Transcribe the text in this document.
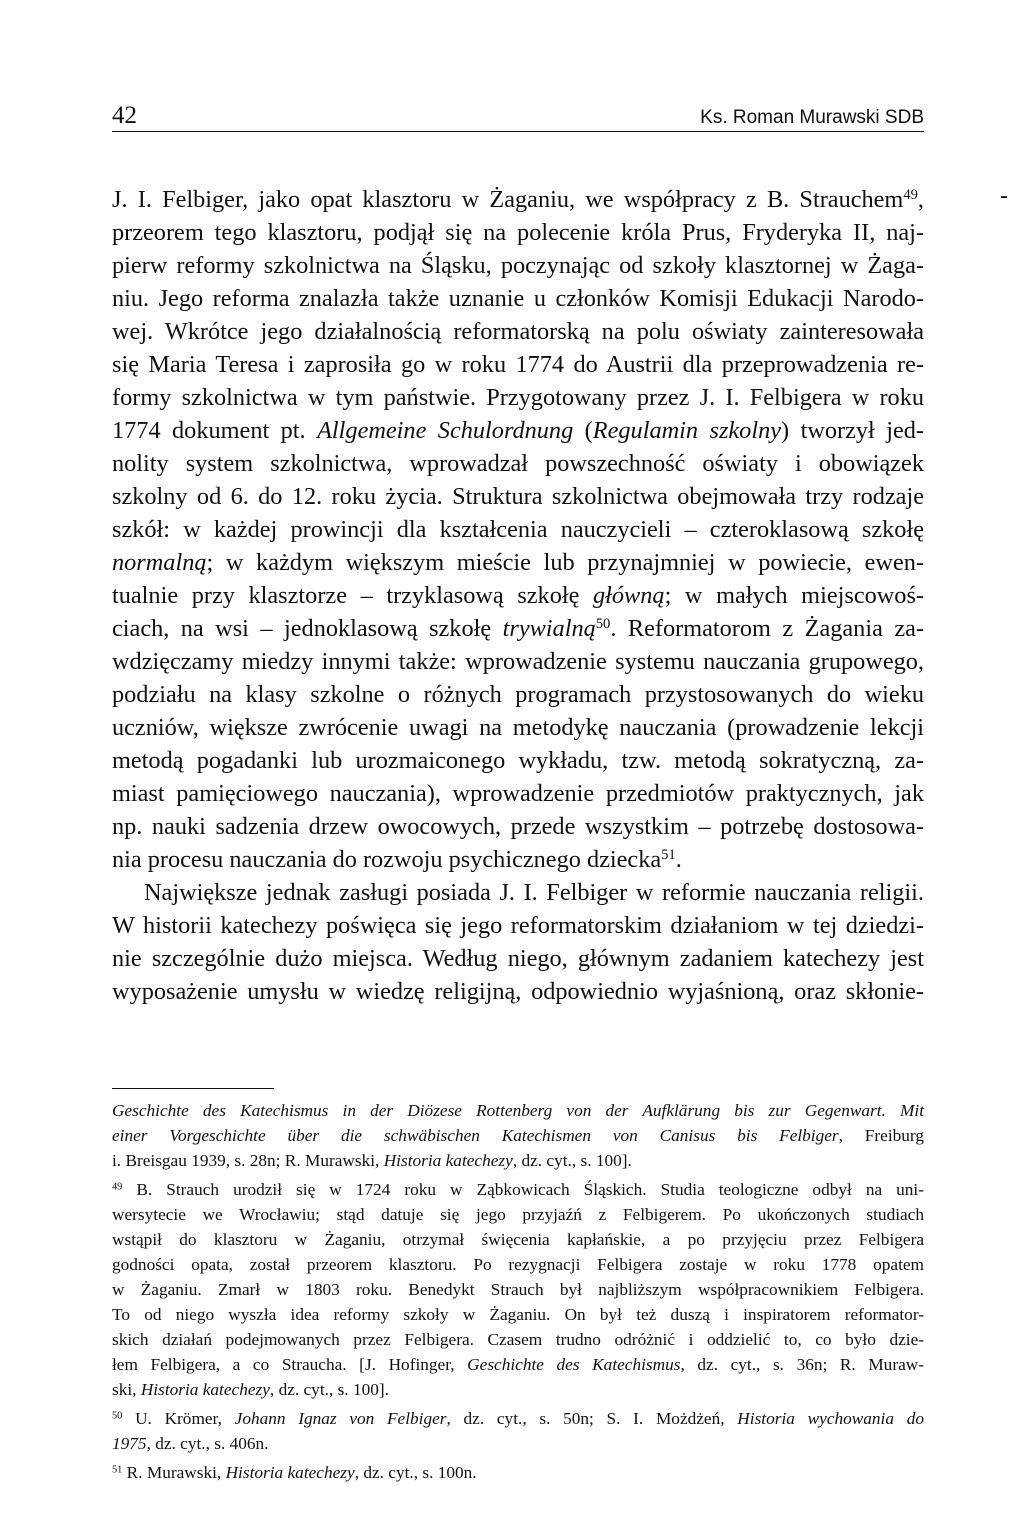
-
42	Ks. Roman Murawski SDB

J. I. Felbiger, jako opat klasztoru w Żaganiu, we współpracy z B. Strauchem$^{49}$,
przeorem tego klasztoru, podjął się na polecenie króla Prus, Fryderyka II, naj-
pierw reformy szkolnictwa na Śląsku, poczynając od szkoły klasztornej w Żaga-
niu. Jego reforma znalazła także uznanie u członków Komisji Edukacji Narodo-
wej. Wkrótce jego działalnością reformatorską na polu oświaty zainteresowała
się Maria Teresa i zaprosiła go w roku 1774 do Austrii dla przeprowadzenia re-
formy szkolnictwa w tym państwie. Przygotowany przez J. I. Felbigera w roku
1774 dokument pt. Allgemeine Schulordnung (Regulamin szkolny) tworzył jed-
nolity system szkolnictwa, wprowadzał powszechność oświaty i obowiązek
szkolny od 6. do 12. roku życia. Struktura szkolnictwa obejmowała trzy rodzaje
szkół: w każdej prowincji dla kształcenia nauczycieli – czteroklasową szkołę
normalną; w każdym większym mieście lub przynajmniej w powiecie, ewen-
tualnie przy klasztorze – trzyklasową szkołę główną; w małych miejscowoś-
ciach, na wsi – jednoklasową szkołę trywialną$^{50}$. Reformatorom z Żagania za-
wdzięczamy miedzy innymi także: wprowadzenie systemu nauczania grupowego,
podziału na klasy szkolne o różnych programach przystosowanych do wieku
uczniów, większe zwrócenie uwagi na metodykę nauczania (prowadzenie lekcji
metodą pogadanki lub urozmaiconego wykładu, tzw. metodą sokratyczną, za-
miast pamięciowego nauczania), wprowadzenie przedmiotów praktycznych, jak
np. nauki sadzenia drzew owocowych, przede wszystkim – potrzebę dostosowa-
nia procesu nauczania do rozwoju psychicznego dziecka$^{51}$.

Największe jednak zasługi posiada J. I. Felbiger w reformie nauczania religii.
W historii katechezy poświęca się jego reformatorskim działaniom w tej dziedzi-
nie szczególnie dużo miejsca. Według niego, głównym zadaniem katechezy jest
wyposażenie umysłu w wiedzę religijną, odpowiednio wyjaśnioną, oraz skłonie-

Geschichte des Katechismus in der Diözese Rottenberg von der Aufklärung bis zur Gegenwart. Mit
einer Vorgeschichte über die schwäbischen Katechismen von Canisus bis Felbiger, Freiburg
i. Breisgau 1939, s. 28n; R. Murawski, Historia katechezy, dz. cyt., s. 100].
$^{49}$ B. Strauch urodził się w 1724 roku w Ząbkowicach Śląskich. Studia teologiczne odbył na uni-
wersytecie we Wrocławiu; stąd datuje się jego przyjaźń z Felbigerem. Po ukończonych studiach
wstąpił do klasztoru w Żaganiu, otrzymał święcenia kapłańskie, a po przyjęciu przez Felbigera
godności opata, został przeorem klasztoru. Po rezygnacji Felbigera zostaje w roku 1778 opatem
w Żaganiu. Zmarł w 1803 roku. Benedykt Strauch był najbliższym współpracownikiem Felbigera.
To od niego wyszła idea reformy szkoły w Żaganiu. On był też duszą i inspiratorem reformator-
skich działań podejmowanych przez Felbigera. Czasem trudno odróżnić i oddzielić to, co było dzie-
łem Felbigera, a co Straucha. [J. Hofinger, Geschichte des Katechismus, dz. cyt., s. 36n; R. Muraw-
ski, Historia katechezy, dz. cyt., s. 100].
$^{50}$ U. Krömer, Johann Ignaz von Felbiger, dz. cyt., s. 50n; S. I. Możdżeń, Historia wychowania do
1975, dz. cyt., s. 406n.
$^{51}$ R. Murawski, Historia katechezy, dz. cyt., s. 100n.
